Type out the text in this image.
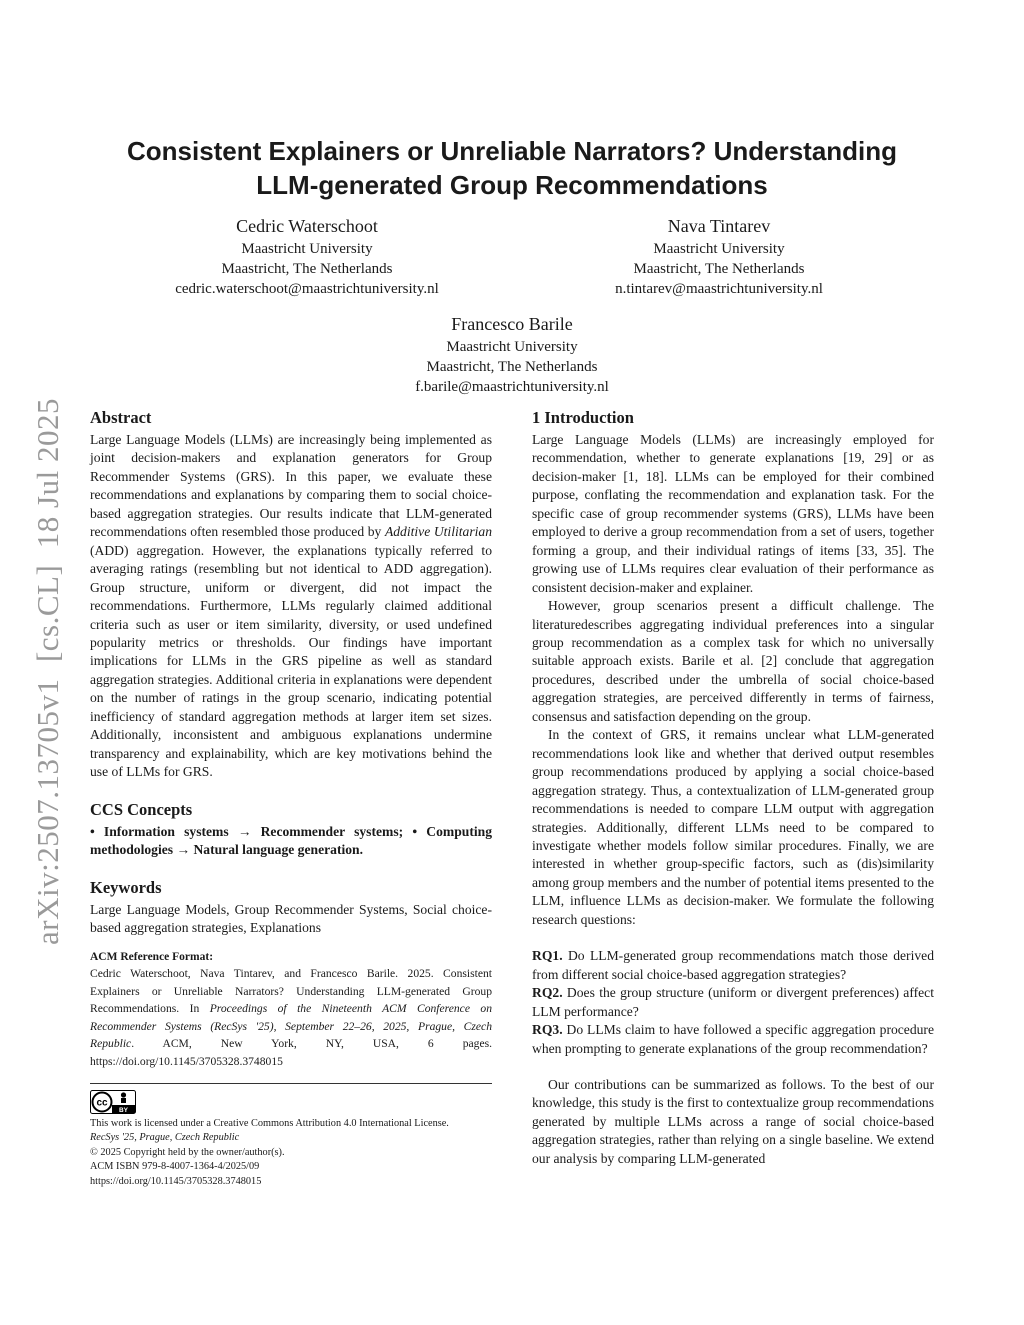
arXiv:2507.13705v1  [cs.CL]  18 Jul 2025
Consistent Explainers or Unreliable Narrators? Understanding
LLM-generated Group Recommendations
Cedric Waterschoot
Maastricht University
Maastricht, The Netherlands
cedric.waterschoot@maastrichtuniversity.nl
Nava Tintarev
Maastricht University
Maastricht, The Netherlands
n.tintarev@maastrichtuniversity.nl
Francesco Barile
Maastricht University
Maastricht, The Netherlands
f.barile@maastrichtuniversity.nl
Abstract

Large Language Models (LLMs) are increasingly being implemented as joint decision-makers and explanation generators for Group Recommender Systems (GRS). In this paper, we evaluate these recommendations and explanations by comparing them to social choice-based aggregation strategies. Our results indicate that LLM-generated recommendations often resembled those produced by Additive Utilitarian (ADD) aggregation. However, the explanations typically referred to averaging ratings (resembling but not identical to ADD aggregation). Group structure, uniform or divergent, did not impact the recommendations. Furthermore, LLMs regularly claimed additional criteria such as user or item similarity, diversity, or used undefined popularity metrics or thresholds. Our findings have important implications for LLMs in the GRS pipeline as well as standard aggregation strategies. Additional criteria in explanations were dependent on the number of ratings in the group scenario, indicating potential inefficiency of standard aggregation methods at larger item set sizes. Additionally, inconsistent and ambiguous explanations undermine transparency and explainability, which are key motivations behind the use of LLMs for GRS.

CCS Concepts

• Information systems → Recommender systems; • Computing methodologies → Natural language generation.

Keywords

Large Language Models, Group Recommender Systems, Social choice-based aggregation strategies, Explanations

ACM Reference Format:
Cedric Waterschoot, Nava Tintarev, and Francesco Barile. 2025. Consistent Explainers or Unreliable Narrators? Understanding LLM-generated Group Recommendations. In Proceedings of the Nineteenth ACM Conference on Recommender Systems (RecSys '25), September 22–26, 2025, Prague, Czech Republic. ACM, New York, NY, USA, 6 pages. https://doi.org/10.1145/3705328.3748015
cc
BY
This work is licensed under a Creative Commons Attribution 4.0 International License.
RecSys '25, Prague, Czech Republic
© 2025 Copyright held by the owner/author(s).
ACM ISBN 979-8-4007-1364-4/2025/09
https://doi.org/10.1145/3705328.3748015
1 Introduction

Large Language Models (LLMs) are increasingly employed for recommendation, whether to generate explanations [19, 29] or as decision-maker [1, 18]. LLMs can be employed for their combined purpose, conflating the recommendation and explanation task. For the specific case of group recommender systems (GRS), LLMs have been employed to derive a group recommendation from a set of users, together forming a group, and their individual ratings of items [33, 35]. The growing use of LLMs requires clear evaluation of their performance as consistent decision-maker and explainer.

However, group scenarios present a difficult challenge. The literaturedescribes aggregating individual preferences into a singular group recommendation as a complex task for which no universally suitable approach exists. Barile et al. [2] conclude that aggregation procedures, described under the umbrella of social choice-based aggregation strategies, are perceived differently in terms of fairness, consensus and satisfaction depending on the group.

In the context of GRS, it remains unclear what LLM-generated recommendations look like and whether that derived output resembles group recommendations produced by applying a social choice-based aggregation strategy. Thus, a contextualization of LLM-generated group recommendations is needed to compare LLM output with aggregation strategies. Additionally, different LLMs need to be compared to investigate whether models follow similar procedures. Finally, we are interested in whether group-specific factors, such as (dis)similarity among group members and the number of potential items presented to the LLM, influence LLMs as decision-maker. We formulate the following research questions:

RQ1. Do LLM-generated group recommendations match those derived from different social choice-based aggregation strategies?

RQ2. Does the group structure (uniform or divergent preferences) affect LLM performance?

RQ3. Do LLMs claim to have followed a specific aggregation procedure when prompting to generate explanations of the group recommendation?

Our contributions can be summarized as follows. To the best of our knowledge, this study is the first to contextualize group recommendations generated by multiple LLMs across a range of social choice-based aggregation strategies, rather than relying on a single baseline. We extend our analysis by comparing LLM-generated
